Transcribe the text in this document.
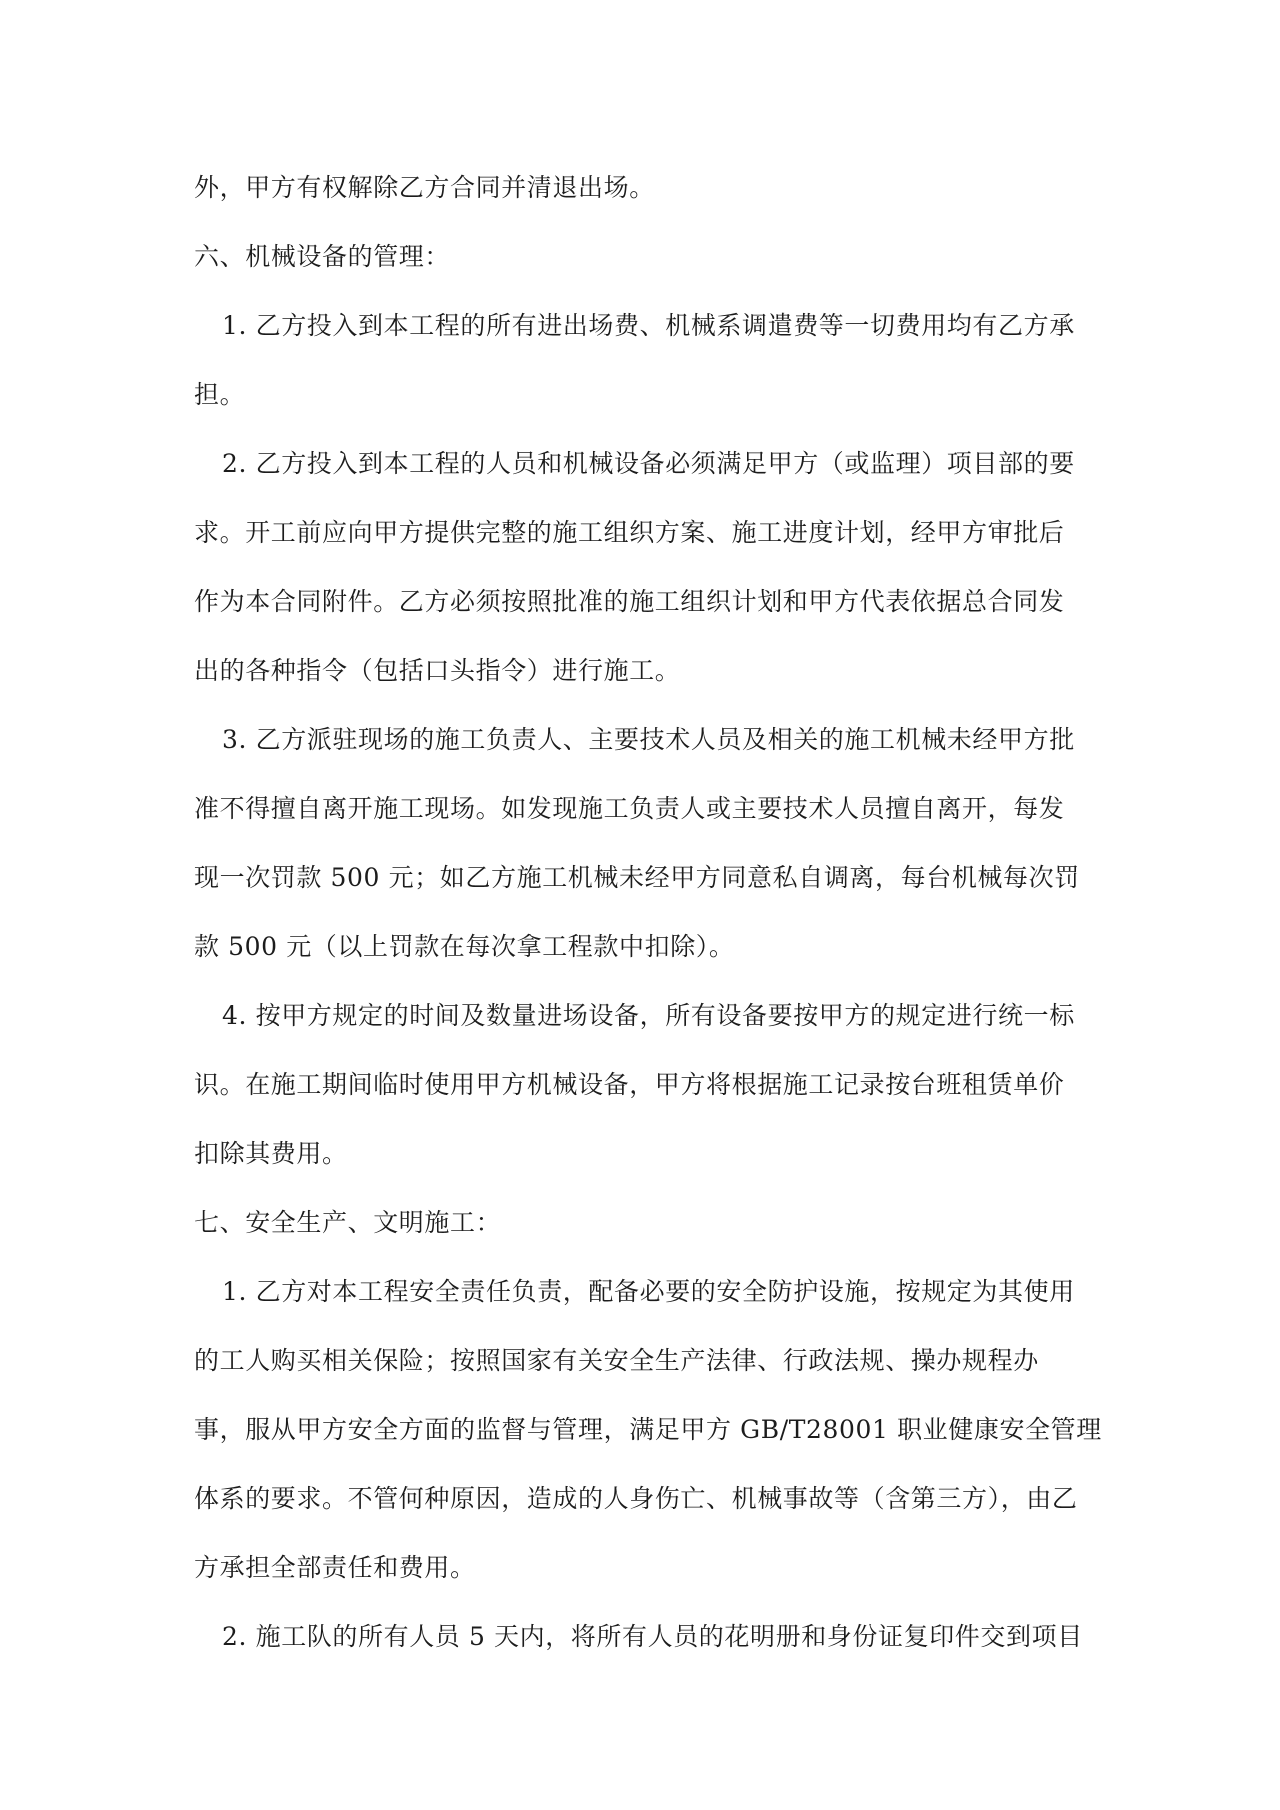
外，甲方有权解除乙方合同并清退出场。
六、机械设备的管理：
1. 乙方投入到本工程的所有进出场费、机械系调遣费等一切费用均有乙方承
担。
2. 乙方投入到本工程的人员和机械设备必须满足甲方（或监理）项目部的要
求。开工前应向甲方提供完整的施工组织方案、施工进度计划，经甲方审批后
作为本合同附件。乙方必须按照批准的施工组织计划和甲方代表依据总合同发
出的各种指令（包括口头指令）进行施工。
3. 乙方派驻现场的施工负责人、主要技术人员及相关的施工机械未经甲方批
准不得擅自离开施工现场。如发现施工负责人或主要技术人员擅自离开，每发
现一次罚款 500 元；如乙方施工机械未经甲方同意私自调离，每台机械每次罚
款 500 元（以上罚款在每次拿工程款中扣除）。
4. 按甲方规定的时间及数量进场设备，所有设备要按甲方的规定进行统一标
识。在施工期间临时使用甲方机械设备，甲方将根据施工记录按台班租赁单价
扣除其费用。
七、安全生产、文明施工：
1. 乙方对本工程安全责任负责，配备必要的安全防护设施，按规定为其使用
的工人购买相关保险；按照国家有关安全生产法律、行政法规、操办规程办
事，服从甲方安全方面的监督与管理，满足甲方 GB/T28001 职业健康安全管理
体系的要求。不管何种原因，造成的人身伤亡、机械事故等（含第三方），由乙
方承担全部责任和费用。
2. 施工队的所有人员 5 天内，将所有人员的花明册和身份证复印件交到项目
